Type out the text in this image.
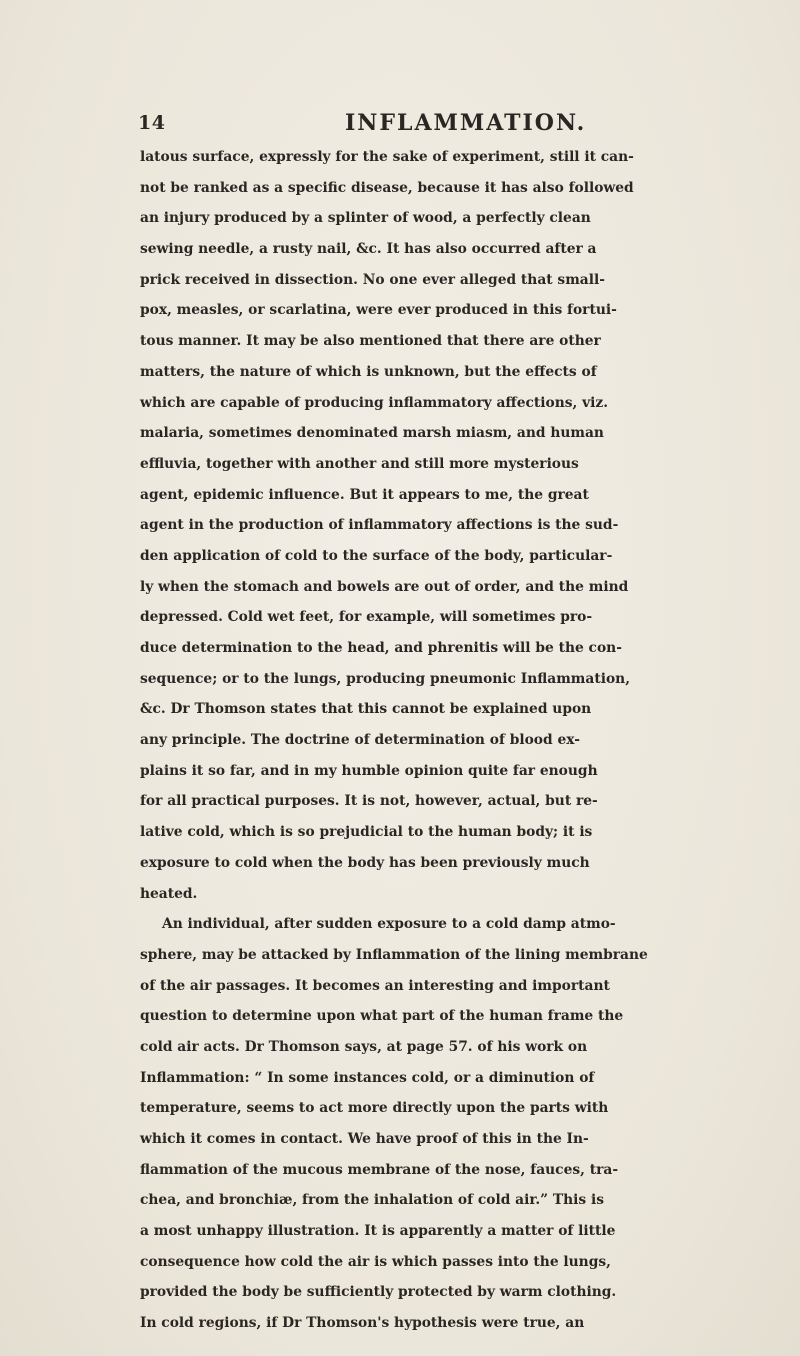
14	INFLAMMATION.
latous surface, expressly for the sake of experiment, still it can-
not be ranked as a specific disease, because it has also followed
an injury produced by a splinter of wood, a perfectly clean
sewing needle, a rusty nail, &c. It has also occurred after a
prick received in dissection. No one ever alleged that small-
pox, measles, or scarlatina, were ever produced in this fortui-
tous manner. It may be also mentioned that there are other
matters, the nature of which is unknown, but the effects of
which are capable of producing inflammatory affections, viz.
malaria, sometimes denominated marsh miasm, and human
effluvia, together with another and still more mysterious
agent, epidemic influence. But it appears to me, the great
agent in the production of inflammatory affections is the sud-
den application of cold to the surface of the body, particular-
ly when the stomach and bowels are out of order, and the mind
depressed. Cold wet feet, for example, will sometimes pro-
duce determination to the head, and phrenitis will be the con-
sequence; or to the lungs, producing pneumonic Inflammation,
&c. Dr Thomson states that this cannot be explained upon
any principle. The doctrine of determination of blood ex-
plains it so far, and in my humble opinion quite far enough
for all practical purposes. It is not, however, actual, but re-
lative cold, which is so prejudicial to the human body; it is
exposure to cold when the body has been previously much
heated.
An individual, after sudden exposure to a cold damp atmo-
sphere, may be attacked by Inflammation of the lining membrane
of the air passages. It becomes an interesting and important
question to determine upon what part of the human frame the
cold air acts. Dr Thomson says, at page 57. of his work on
Inflammation: “ In some instances cold, or a diminution of
temperature, seems to act more directly upon the parts with
which it comes in contact. We have proof of this in the In-
flammation of the mucous membrane of the nose, fauces, tra-
chea, and bronchiæ, from the inhalation of cold air.” This is
a most unhappy illustration. It is apparently a matter of little
consequence how cold the air is which passes into the lungs,
provided the body be sufficiently protected by warm clothing.
In cold regions, if Dr Thomson's hypothesis were true, an
